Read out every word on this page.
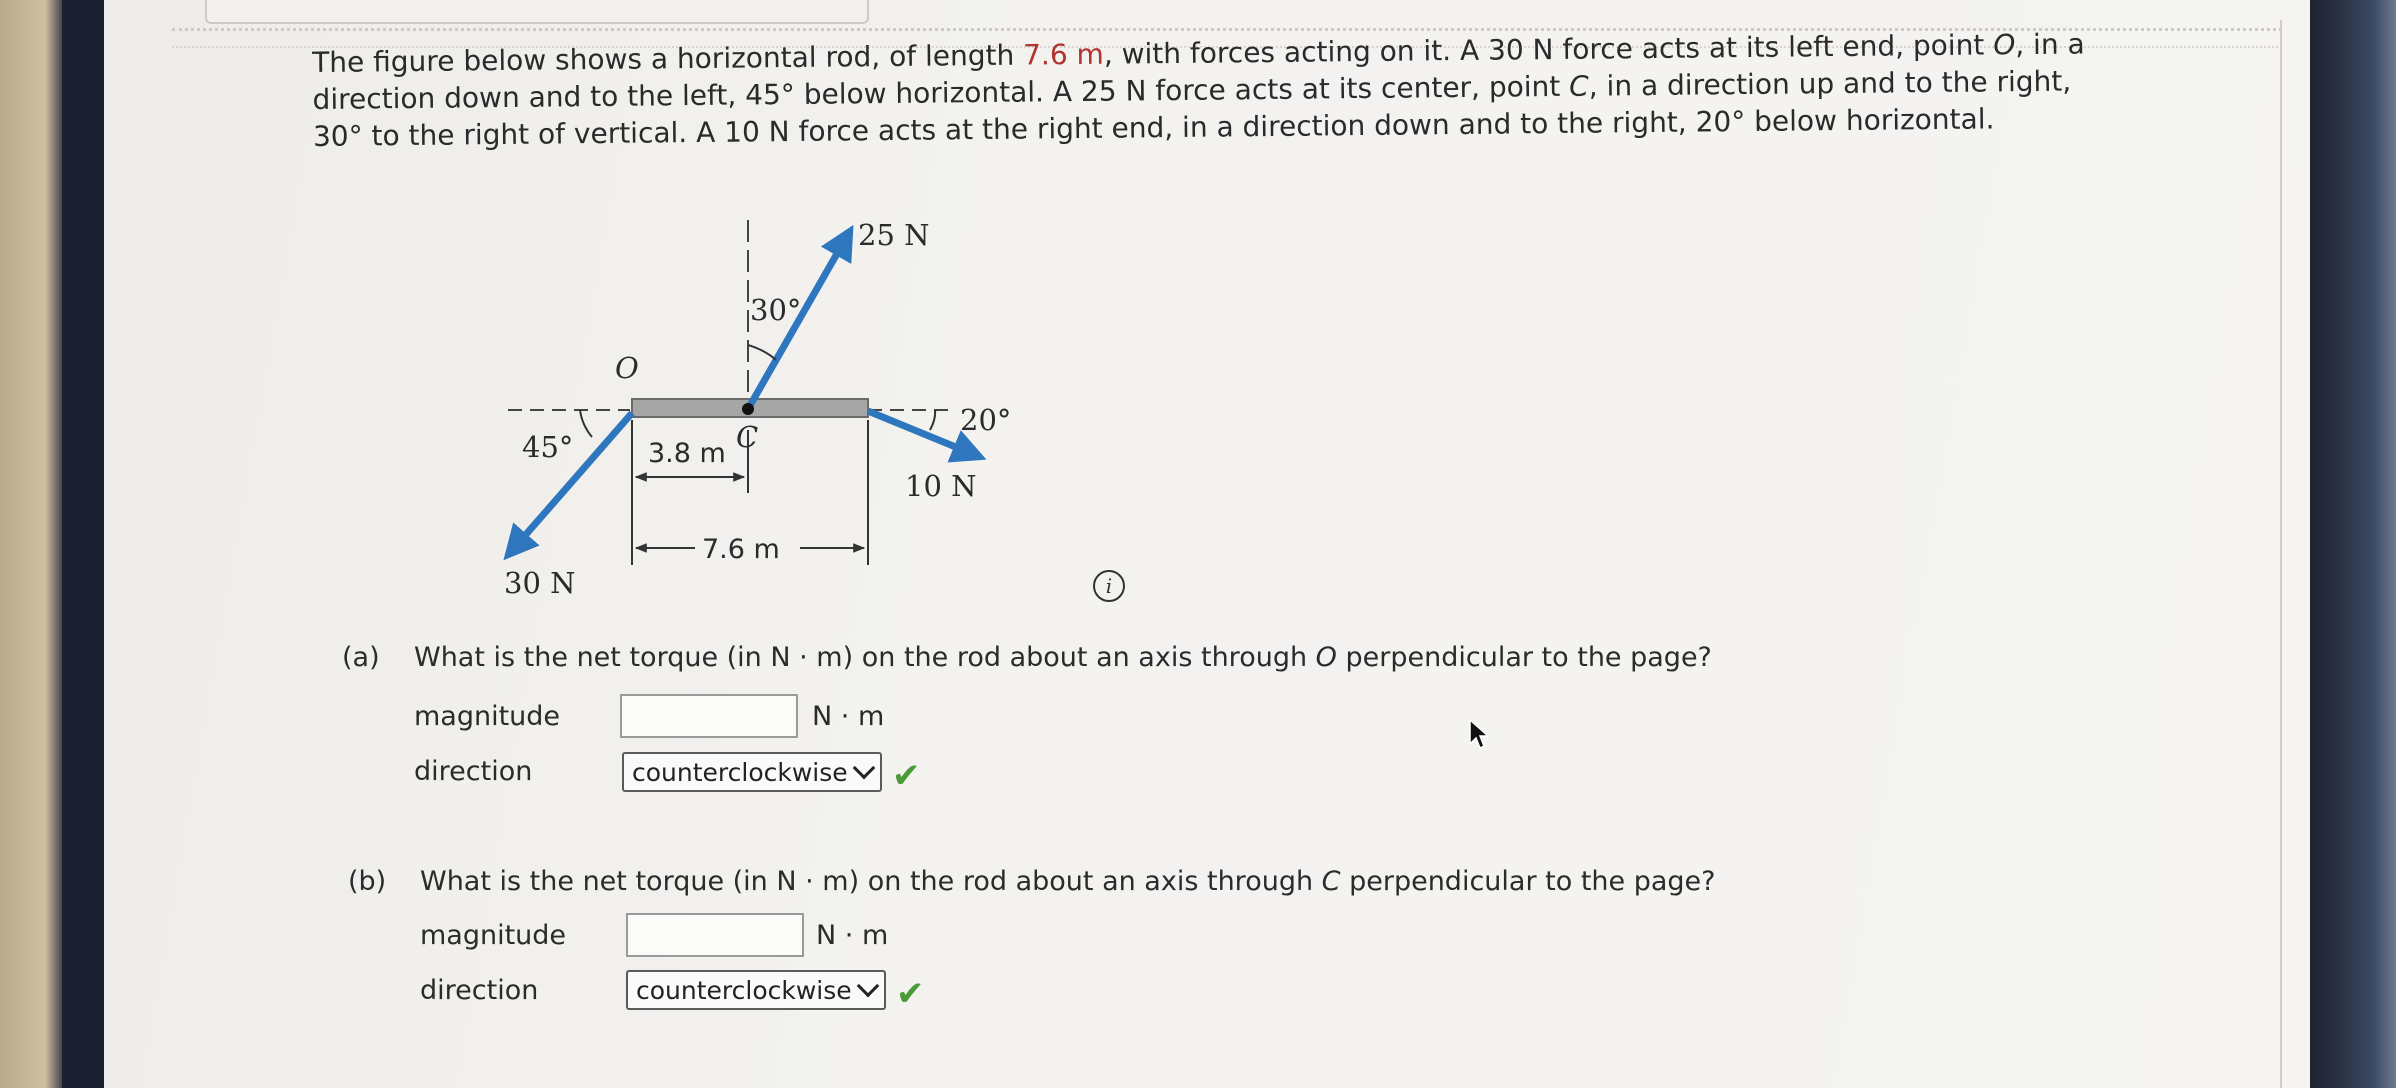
The figure below shows a horizontal rod, of length 7.6 m, with forces acting on it. A 30 N force acts at its left end, point O, in a
direction down and to the left, 45° below horizontal. A 25 N force acts at its center, point C, in a direction up and to the right,
30° to the right of vertical. A 10 N force acts at the right end, in a direction down and to the right, 20° below horizontal.
25 N
30°
O
C
45°	3.8 m
20°
10 N
7.6 m
30 N	i
(a) What is the net torque (in N · m) on the rod about an axis through O perpendicular to the page?
magnitude	N · m
direction	counterclockwise	✔
(b) What is the net torque (in N · m) on the rod about an axis through C perpendicular to the page?
magnitude	N · m
direction	counterclockwise	✔
